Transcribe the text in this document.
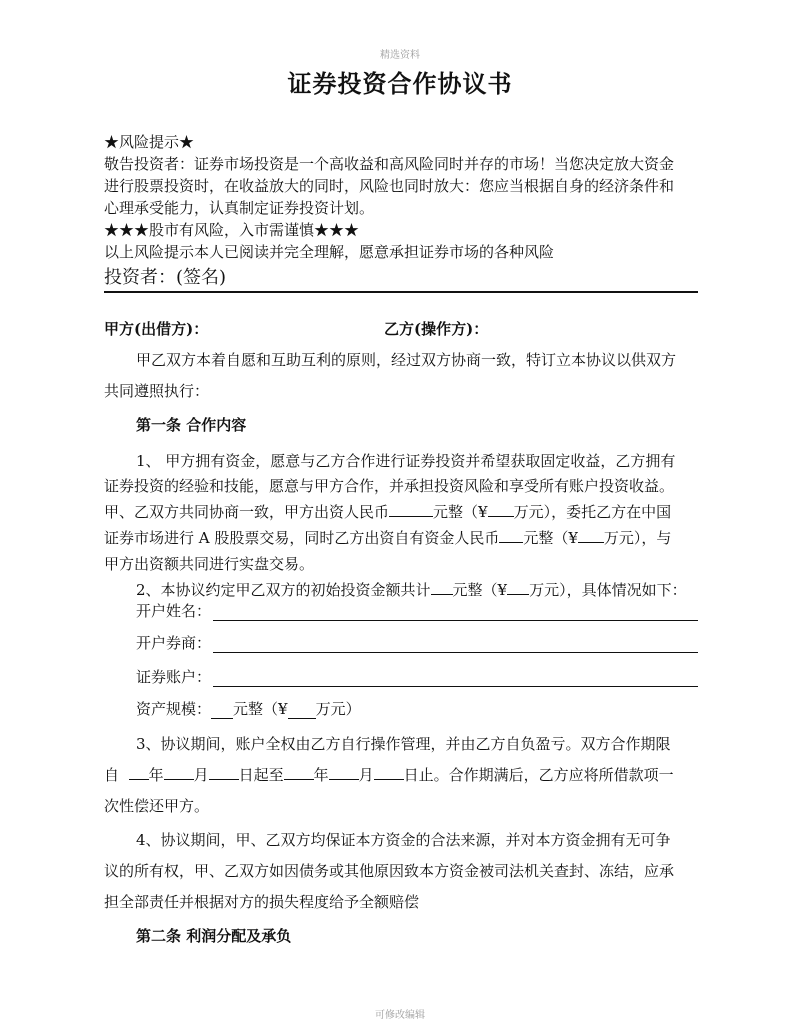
精选资料
证券投资合作协议书

★风险提示★

敬告投资者：证券市场投资是一个高收益和高风险同时并存的市场！当您决定放大资金

进行股票投资时，在收益放大的同时，风险也同时放大：您应当根据自身的经济条件和

心理承受能力，认真制定证券投资计划。

★★★股市有风险，入市需谨慎★★★

以上风险提示本人已阅读并完全理解，愿意承担证券市场的各种风险

投资者：(签名)
甲方(出借方)：	乙方(操作方)：
甲乙双方本着自愿和互助互利的原则，经过双方协商一致，特订立本协议以供双方
共同遵照执行：
第一条 合作内容
1、 甲方拥有资金，愿意与乙方合作进行证券投资并希望获取固定收益，乙方拥有
证券投资的经验和技能，愿意与甲方合作，并承担投资风险和享受所有账户投资收益。
甲、乙双方共同协商一致，甲方出资人民币	元整（¥ 万元），委托乙方在中国
证券市场进行 A 股股票交易，同时乙方出资自有资金人民币 元整（¥ 万元），与
甲方出资额共同进行实盘交易。
2、本协议约定甲乙双方的初始投资金额共计 元整（¥ 万元），具体情况如下：
开户姓名：
开户券商：
证券账户：
资产规模： 元整（¥ 万元）
3、协议期间，账户全权由乙方自行操作管理，并由乙方自负盈亏。双方合作期限
自 年 月 日起至 年 月 日止。合作期满后，乙方应将所借款项一
次性偿还甲方。
4、协议期间，甲、乙双方均保证本方资金的合法来源，并对本方资金拥有无可争
议的所有权，甲、乙双方如因债务或其他原因致本方资金被司法机关查封、冻结，应承
担全部责任并根据对方的损失程度给予全额赔偿
第二条 利润分配及承负
可修改编辑
